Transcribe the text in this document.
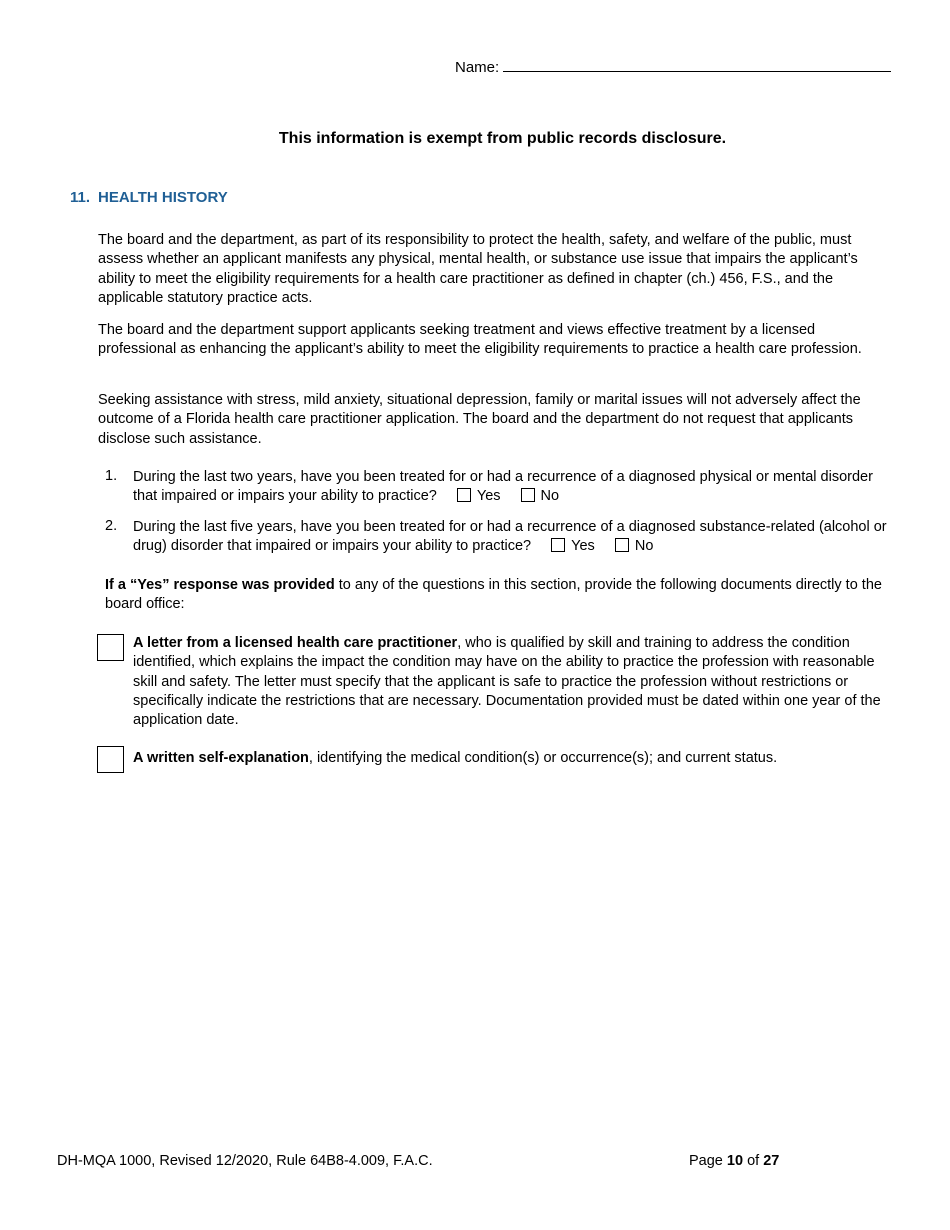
Name:
This information is exempt from public records disclosure.
11. HEALTH HISTORY
The board and the department, as part of its responsibility to protect the health, safety, and welfare of the public, must assess whether an applicant manifests any physical, mental health, or substance use issue that impairs the applicant’s ability to meet the eligibility requirements for a health care practitioner as defined in chapter (ch.) 456, F.S., and the applicable statutory practice acts.
The board and the department support applicants seeking treatment and views effective treatment by a licensed professional as enhancing the applicant’s ability to meet the eligibility requirements to practice a health care profession.
Seeking assistance with stress, mild anxiety, situational depression, family or marital issues will not adversely affect the outcome of a Florida health care practitioner application. The board and the department do not request that applicants disclose such assistance.
1. During the last two years, have you been treated for or had a recurrence of a diagnosed physical or mental disorder that impaired or impairs your ability to practice?	Yes	No
2. During the last five years, have you been treated for or had a recurrence of a diagnosed substance-related (alcohol or drug) disorder that impaired or impairs your ability to practice?	Yes	No
If a “Yes” response was provided to any of the questions in this section, provide the following documents directly to the board office:
A letter from a licensed health care practitioner, who is qualified by skill and training to address the condition identified, which explains the impact the condition may have on the ability to practice the profession with reasonable skill and safety. The letter must specify that the applicant is safe to practice the profession without restrictions or specifically indicate the restrictions that are necessary. Documentation provided must be dated within one year of the application date.
A written self-explanation, identifying the medical condition(s) or occurrence(s); and current status.
DH-MQA 1000, Revised 12/2020, Rule 64B8-4.009, F.A.C.	Page 10 of 27
